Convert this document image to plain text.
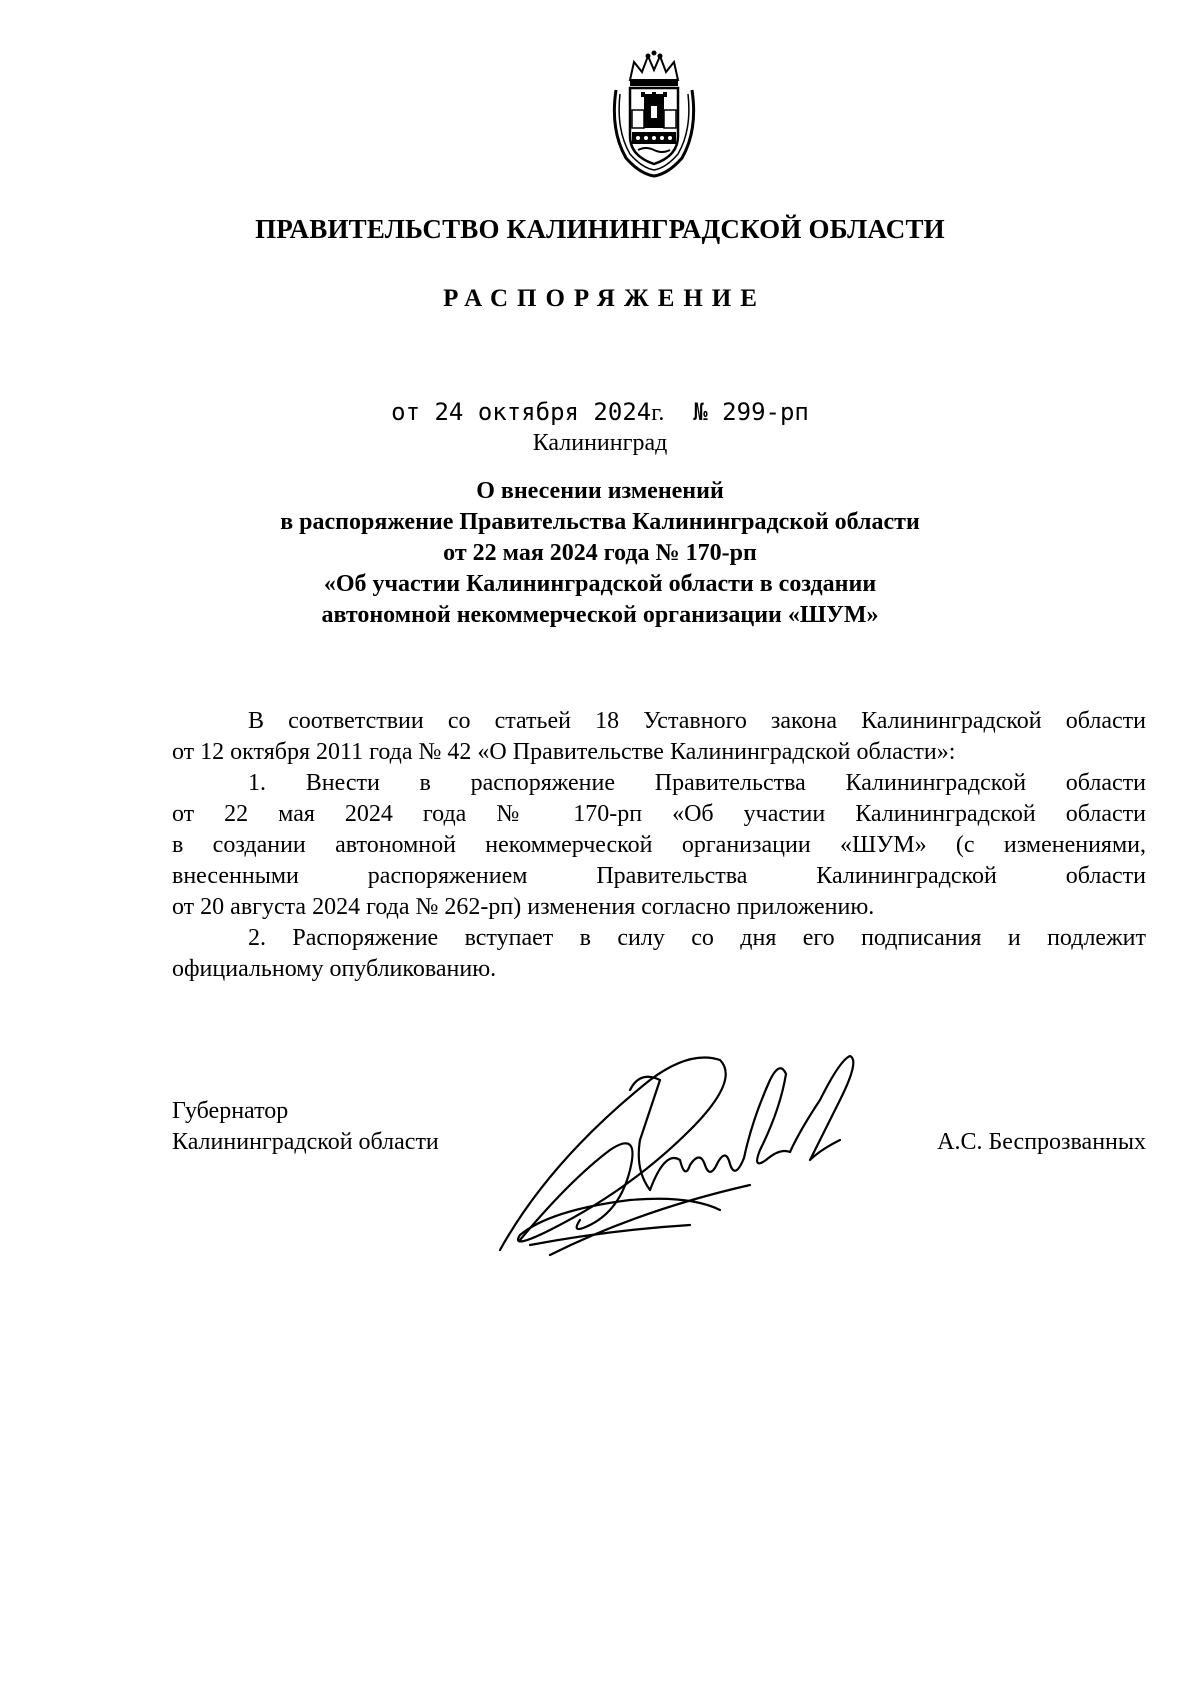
ПРАВИТЕЛЬСТВО КАЛИНИНГРАДСКОЙ ОБЛАСТИ
РАСПОРЯЖЕНИЕ
от 24 октября 2024г. № 299-рп
Калининград
О внесении изменений
в распоряжение Правительства Калининградской области
от 22 мая 2024 года № 170-рп
«Об участии Калининградской области в создании
автономной некоммерческой организации «ШУМ»
В соответствии со статьей 18 Уставного закона Калининградской области
от 12 октября 2011 года № 42 «О Правительстве Калининградской области»:
1. Внести в распоряжение Правительства Калининградской области
от 22 мая 2024 года № 170-рп «Об участии Калининградской области
в создании автономной некоммерческой организации «ШУМ» (с изменениями,
внесенными распоряжением Правительства Калининградской области
от 20 августа 2024 года № 262-рп) изменения согласно приложению.
2. Распоряжение вступает в силу со дня его подписания и подлежит
официальному опубликованию.
Губернатор
Калининградской области	А.С. Беспрозванных
